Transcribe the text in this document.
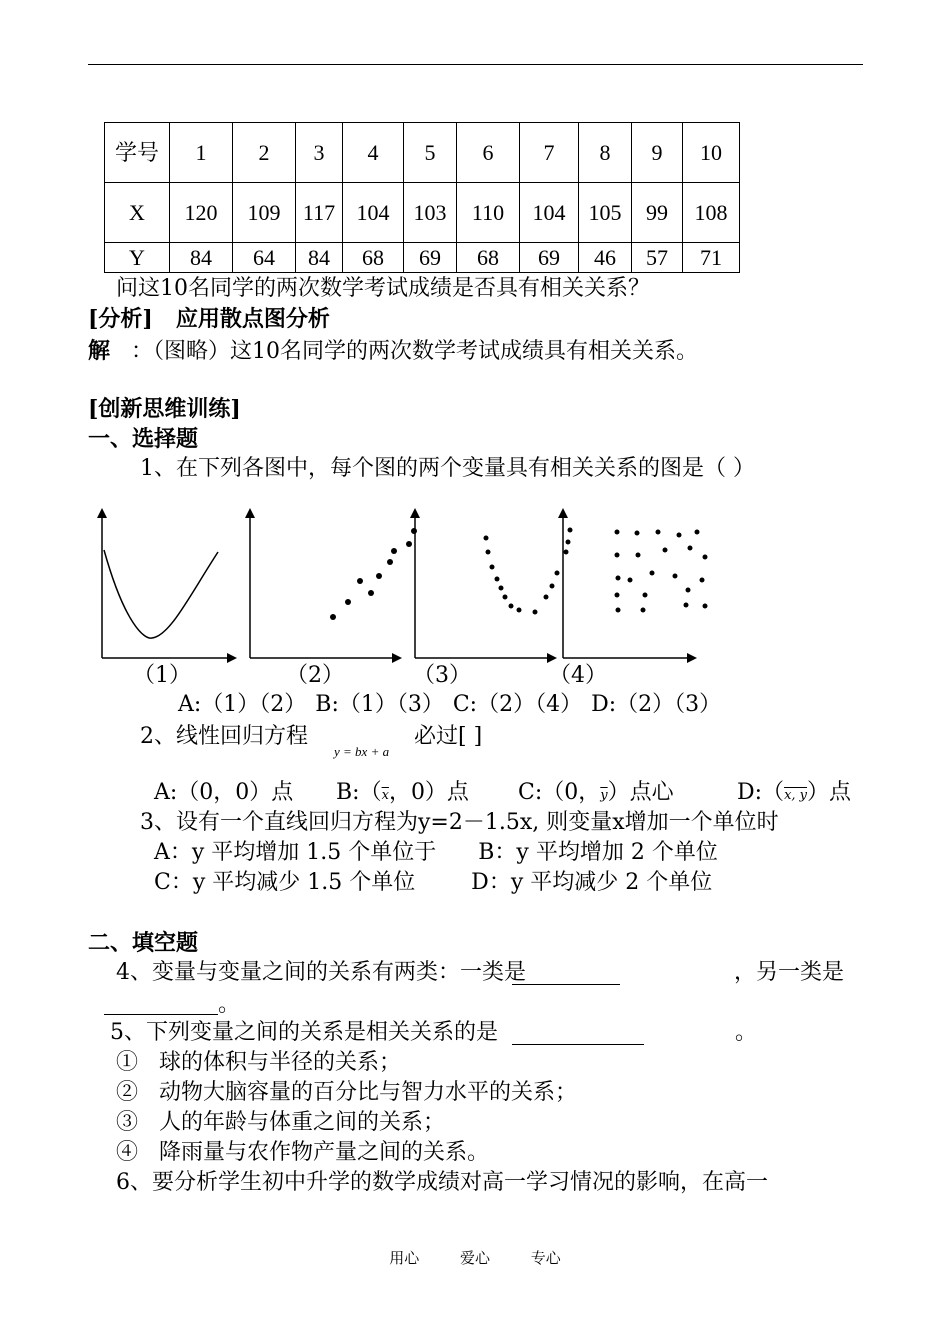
学号	1	2	3	4	5	6	7	8	9	10
X	120	109	117	104	103	110	104	105	99	108
Y	84	64	84	68	69	68	69	46	57	71
问这10名同学的两次数学考试成绩是否具有相关关系？
[分析] 应用散点图分析
解 ：（图略）这10名同学的两次数学考试成绩具有相关关系。
[创新思维训练]
一、选择题
1、在下列各图中，每个图的两个变量具有相关关系的图是（ ）
（1）	（2）	（3）	（4）
A:（1）（2） B:（1）（3） C:（2）（4） D:（2）（3）
2、线性回归方程
y = bx + a
必过[ ]
A:（0，0）点 $B:(\overline{x}$，0）点 C:（0，$\overline{y}$）点心	D:（x, y）点
3、设有一个直线回归方程为y=2－1.5x, 则变量x增加一个单位时
A：y 平均增加 1.5 个单位于      B：y 平均增加 2 个单位
C：y 平均减少 1.5 个单位        D：y 平均减少 2 个单位
二、填空题
4、变量与变量之间的关系有两类：一类是	，另一类是
。
5、下列变量之间的关系是相关关系的是	。
①   球的体积与半径的关系；
②   动物大脑容量的百分比与智力水平的关系；
③   人的年龄与体重之间的关系；
④   降雨量与农作物产量之间的关系。
6、要分析学生初中升学的数学成绩对高一学习情况的影响，在高一
用心	爱心	专心
